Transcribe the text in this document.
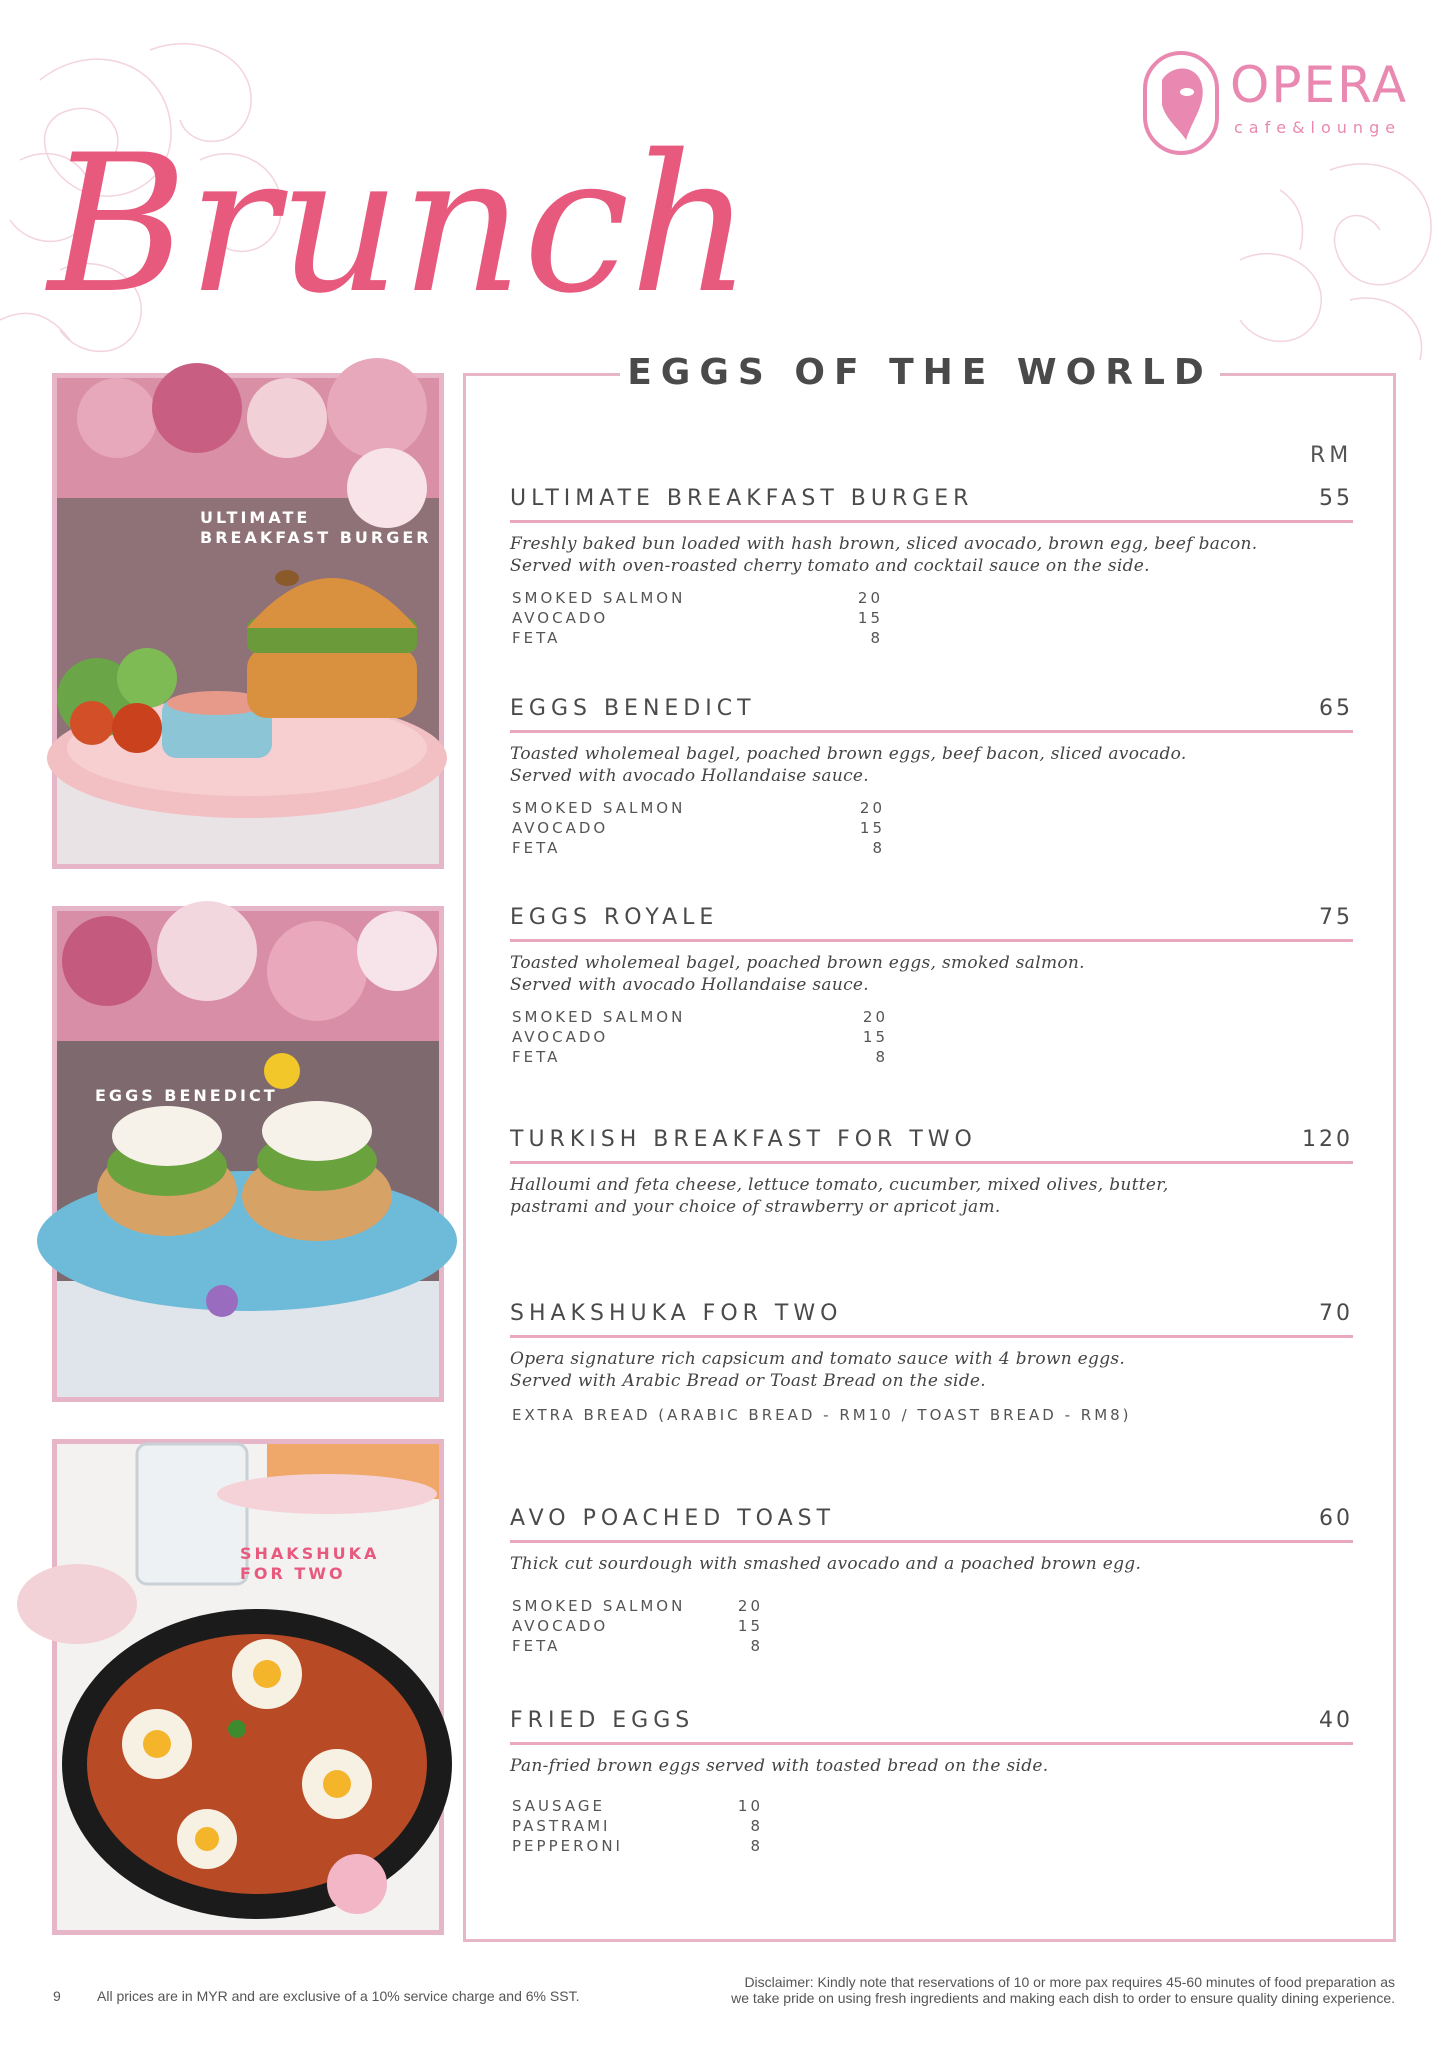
Brunch
OPERA
cafe&lounge
ULTIMATE
BREAKFAST BURGER
EGGS BENEDICT
SHAKSHUKA
FOR TWO
EGGS OF THE WORLD
RM
ULTIMATE BREAKFAST BURGER	55
Freshly baked bun loaded with hash brown, sliced avocado, brown egg, beef bacon.
Served with oven-roasted cherry tomato and cocktail sauce on the side.
SMOKED SALMON	20
AVOCADO	15
FETA	8
EGGS BENEDICT	65
Toasted wholemeal bagel, poached brown eggs, beef bacon, sliced avocado.
Served with avocado Hollandaise sauce.
SMOKED SALMON	20
AVOCADO	15
FETA	8
EGGS ROYALE	75
Toasted wholemeal bagel, poached brown eggs, smoked salmon.
Served with avocado Hollandaise sauce.
SMOKED SALMON	20
AVOCADO	15
FETA	8
TURKISH BREAKFAST FOR TWO	120
Halloumi and feta cheese, lettuce tomato, cucumber, mixed olives, butter,
pastrami and your choice of strawberry or apricot jam.
SHAKSHUKA FOR TWO	70
Opera signature rich capsicum and tomato sauce with 4 brown eggs.
Served with Arabic Bread or Toast Bread on the side.
EXTRA BREAD (ARABIC BREAD - RM10 / TOAST BREAD - RM8)
AVO POACHED TOAST	60
Thick cut sourdough with smashed avocado and a poached brown egg.
SMOKED SALMON	20
AVOCADO	15
FETA	8
FRIED EGGS	40
Pan-fried brown eggs served with toasted bread on the side.
SAUSAGE	10
PASTRAMI	8
PEPPERONI	8
9	All prices are in MYR and are exclusive of a 10% service charge and 6% SST.
Disclaimer: Kindly note that reservations of 10 or more pax requires 45-60 minutes of food preparation as
we take pride on using fresh ingredients and making each dish to order to ensure quality dining experience.
